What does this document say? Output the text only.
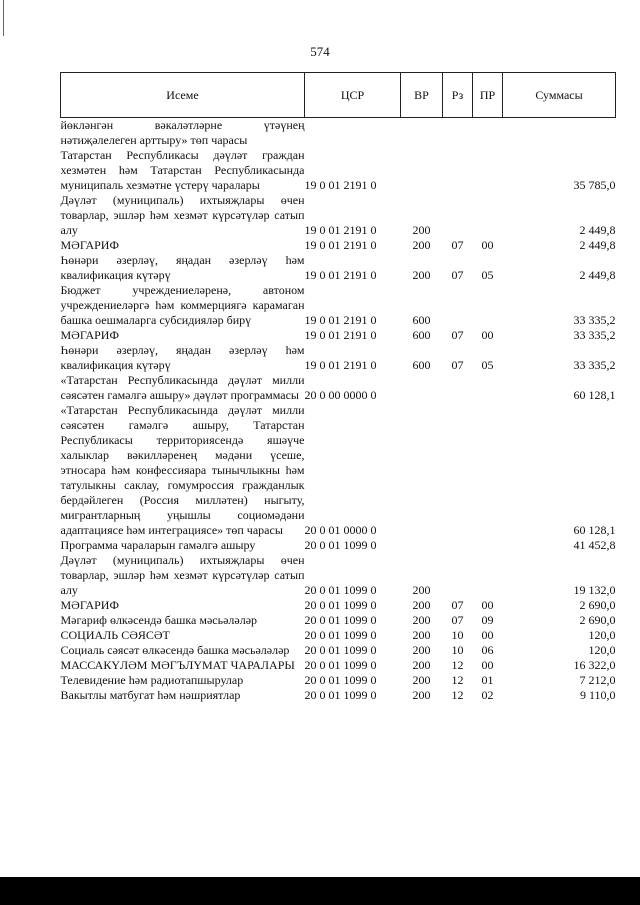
574
Исеме	ЦСР	ВР	Рз	ПР	Суммасы
йөкләнгән вәкаләтләрне үтәүнең нәтиҗәлелеген арттыру» төп чарасы					
Татарстан Республикасы дәүләт граждан хезмәтен һәм Татарстан Республикасында муниципаль хезмәтне үстерү чаралары	19 0 01 2191 0				35 785,0
Дәүләт (муниципаль) ихтыяҗлары өчен товарлар, эшләр һәм хезмәт күрсәтүләр сатып алу	19 0 01 2191 0	200			2 449,8
МӘГАРИФ	19 0 01 2191 0	200	07	00	2 449,8
Һөнәри әзерләү, яңадан әзерләү һәм квалификация күтәрү	19 0 01 2191 0	200	07	05	2 449,8
Бюджет учреждениеләренә, автоном учреждениеләргә һәм коммерциягә карамаган башка оешмаларга субсидияләр бирү	19 0 01 2191 0	600			33 335,2
МӘГАРИФ	19 0 01 2191 0	600	07	00	33 335,2
Һөнәри әзерләү, яңадан әзерләү һәм квалификация күтәрү	19 0 01 2191 0	600	07	05	33 335,2
«Татарстан Республикасында дәүләт милли сәясәтен гамәлгә ашыру» дәүләт программасы	20 0 00 0000 0				60 128,1
«Татарстан Республикасында дәүләт милли сәясәтен гамәлгә ашыру, Татарстан Республикасы территориясендә яшәүче халыклар вәкилләренең мәдәни үсеше, этносара һәм конфессияара тынычлыкны һәм татулыкны саклау, гомумроссия гражданлык бердәйлеген (Россия милләтен) ныгыту, мигрантларның уңышлы социомәдәни адаптациясе һәм интеграциясе» төп чарасы	20 0 01 0000 0				60 128,1
Программа чараларын гамәлгә ашыру	20 0 01 1099 0				41 452,8
Дәүләт (муниципаль) ихтыяҗлары өчен товарлар, эшләр һәм хезмәт күрсәтүләр сатып алу	20 0 01 1099 0	200			19 132,0
МӘГАРИФ	20 0 01 1099 0	200	07	00	2 690,0
Мәгариф өлкәсендә башка мәсьәләләр	20 0 01 1099 0	200	07	09	2 690,0
СОЦИАЛЬ СӘЯСӘТ	20 0 01 1099 0	200	10	00	120,0
Социаль сәясәт өлкәсендә башка мәсьәләләр	20 0 01 1099 0	200	10	06	120,0
МАССАКҮЛӘМ МӘГЪЛҮМАТ ЧАРАЛАРЫ	20 0 01 1099 0	200	12	00	16 322,0
Телевидение һәм радиотапшырулар	20 0 01 1099 0	200	12	01	7 212,0
Вакытлы матбугат һәм нәшриятлар	20 0 01 1099 0	200	12	02	9 110,0
